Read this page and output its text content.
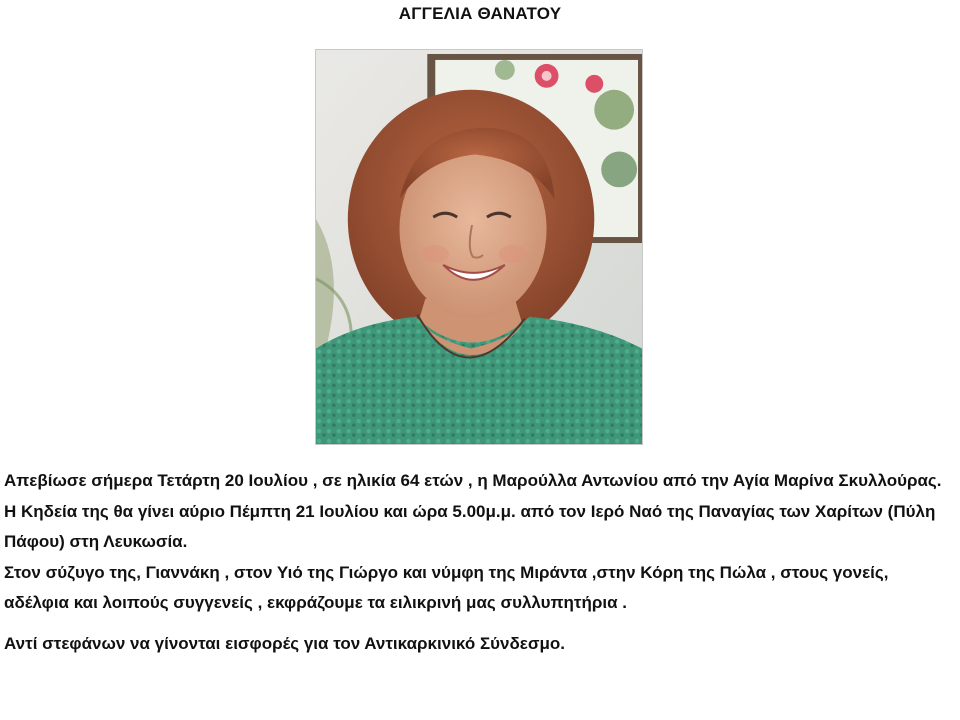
ΑΓΓΕΛΙΑ ΘΑΝΑΤΟΥ

Απεβίωσε σήμερα Τετάρτη 20 Ιουλίου , σε ηλικία 64 ετών , η Μαρούλλα Αντωνίου από την Αγία Μαρίνα Σκυλλούρας.

Η Κηδεία της θα γίνει αύριο Πέμπτη 21 Ιουλίου και ώρα 5.00μ.μ. από τον Ιερό Ναό της Παναγίας των Χαρίτων (Πύλη Πάφου) στη Λευκωσία.

Στον σύζυγο της, Γιαννάκη , στον Υιό της Γιώργο και νύμφη της Μιράντα ,στην Κόρη της Πώλα , στους γονείς, αδέλφια και λοιπούς συγγενείς , εκφράζουμε τα ειλικρινή μας συλλυπητήρια .

Αντί στεφάνων να γίνονται εισφορές για τον Αντικαρκινικό Σύνδεσμο.
